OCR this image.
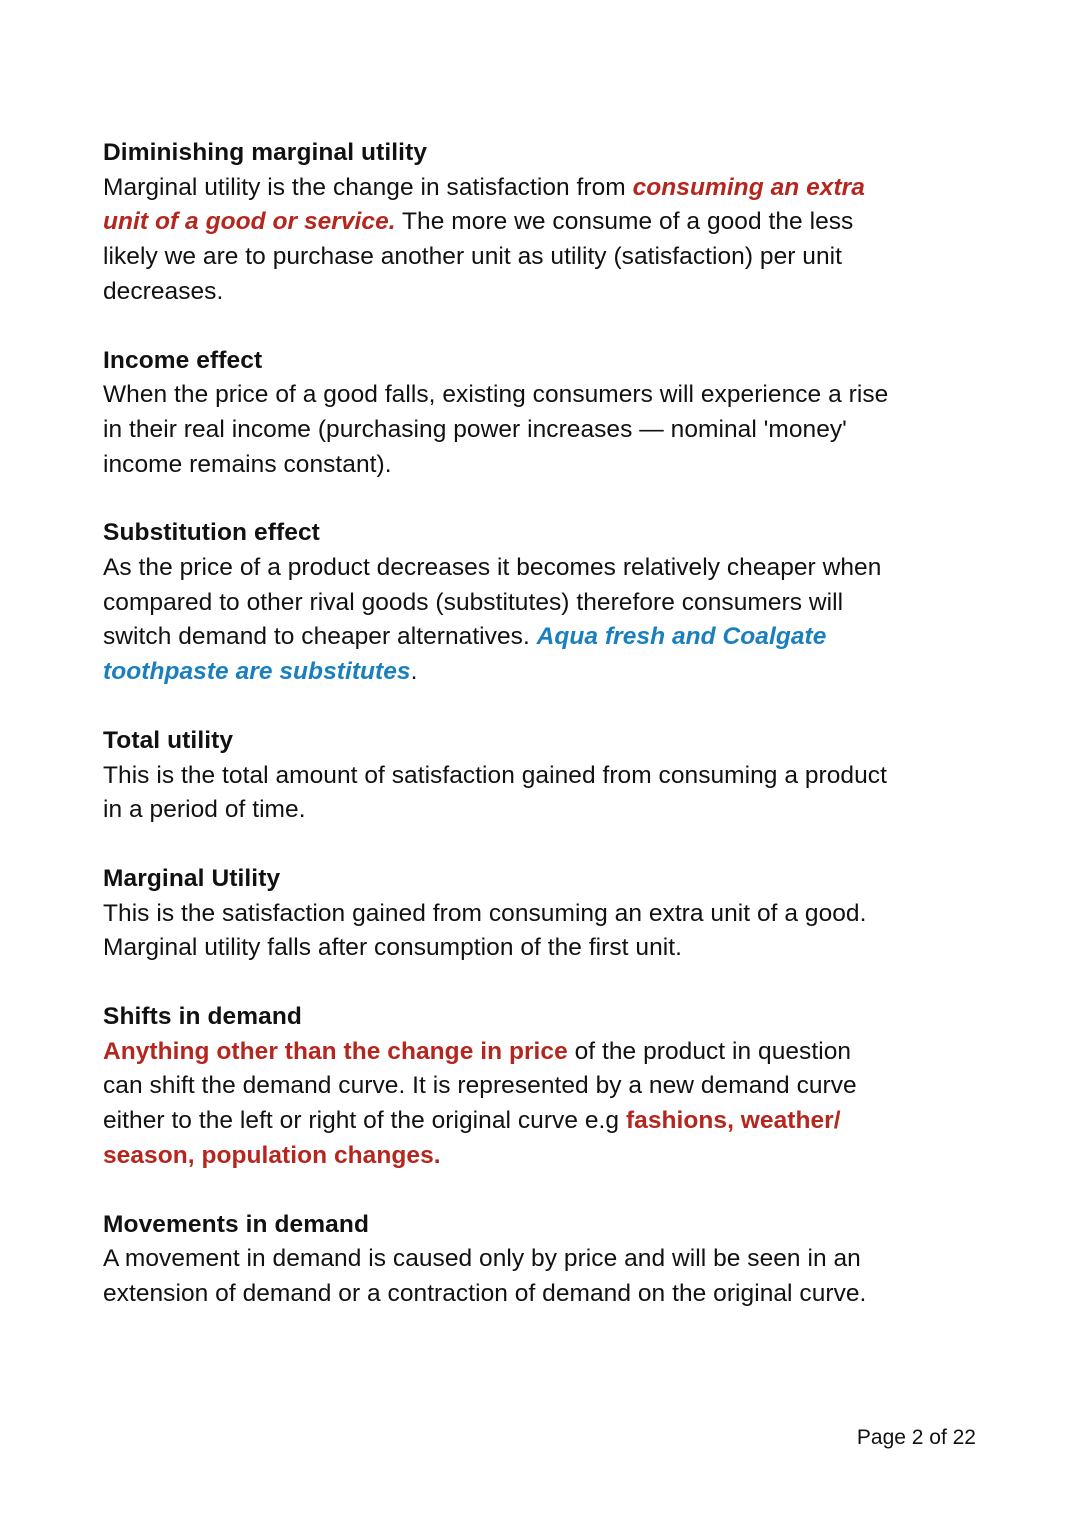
Diminishing marginal utility
Marginal utility is the change in satisfaction from consuming an extra
unit of a good or service. The more we consume of a good the less
likely we are to purchase another unit as utility (satisfaction) per unit
decreases.
Income effect
When the price of a good falls, existing consumers will experience a rise
in their real income (purchasing power increases — nominal 'money'
income remains constant).
Substitution effect
As the price of a product decreases it becomes relatively cheaper when
compared to other rival goods (substitutes) therefore consumers will
switch demand to cheaper alternatives. Aqua fresh and Coalgate
toothpaste are substitutes.
Total utility
This is the total amount of satisfaction gained from consuming a product
in a period of time.
Marginal Utility
This is the satisfaction gained from consuming an extra unit of a good.
Marginal utility falls after consumption of the first unit.
Shifts in demand
Anything other than the change in price of the product in question
can shift the demand curve. It is represented by a new demand curve
either to the left or right of the original curve e.g fashions, weather/
season, population changes.
Movements in demand
A movement in demand is caused only by price and will be seen in an
extension of demand or a contraction of demand on the original curve.
Page 2 of 22
